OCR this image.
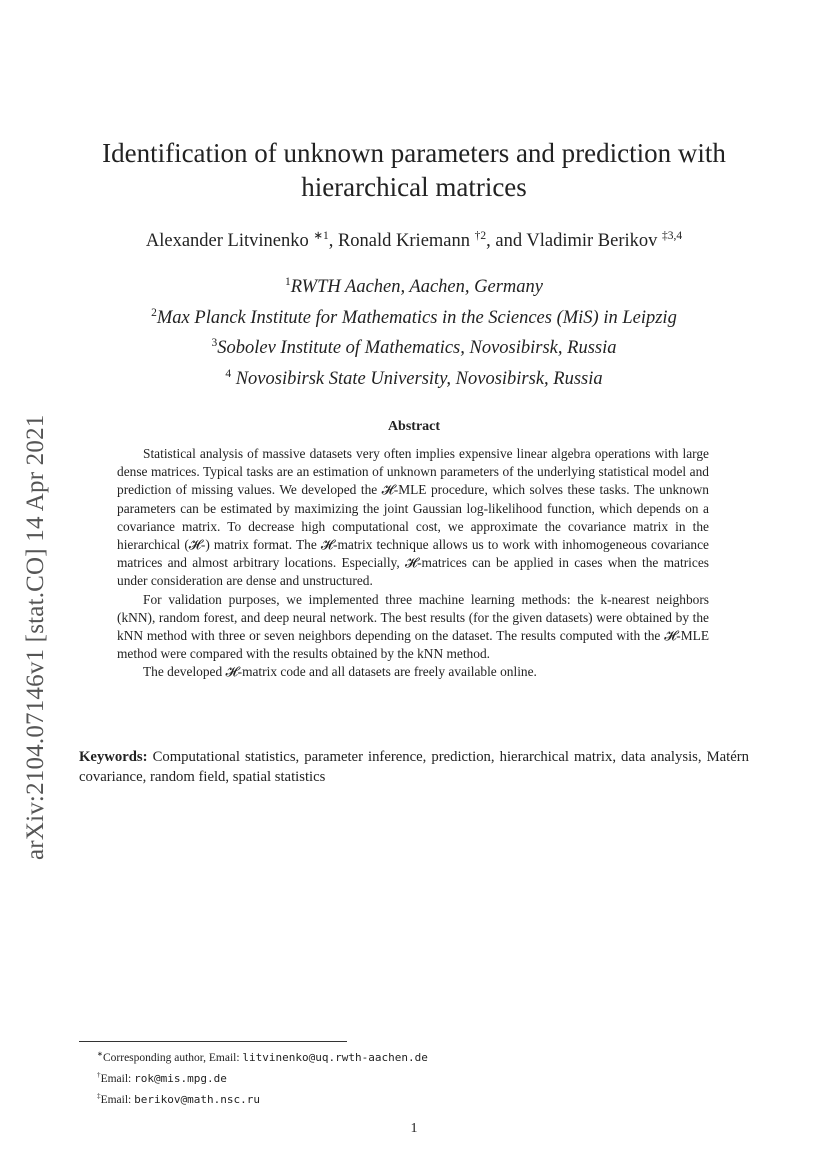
arXiv:2104.07146v1 [stat.CO] 14 Apr 2021
Identification of unknown parameters and prediction with hierarchical matrices
Alexander Litvinenko $^{∗1}$, Ronald Kriemann $^{\dagger 2}$, and Vladimir Berikov $^{\ddagger 3,4}$
$^1$RWTH Aachen, Aachen, Germany
$^2$Max Planck Institute for Mathematics in the Sciences (MiS) in Leipzig
$^3$Sobolev Institute of Mathematics, Novosibirsk, Russia
$^4$ Novosibirsk State University, Novosibirsk, Russia
Abstract

Statistical analysis of massive datasets very often implies expensive linear algebra operations with large dense matrices. Typical tasks are an estimation of unknown parameters of the underlying statistical model and prediction of missing values. We developed the 𝓗-MLE procedure, which solves these tasks. The unknown parameters can be estimated by maximizing the joint Gaussian log-likelihood function, which depends on a covariance matrix. To decrease high computational cost, we approximate the covariance matrix in the hierarchical (𝓗-) matrix format. The 𝓗-matrix technique allows us to work with inhomogeneous covariance matrices and almost arbitrary locations. Especially, 𝓗-matrices can be applied in cases when the matrices under consideration are dense and unstructured.

For validation purposes, we implemented three machine learning methods: the k-nearest neighbors (kNN), random forest, and deep neural network. The best results (for the given datasets) were obtained by the kNN method with three or seven neighbors depending on the dataset. The results computed with the 𝓗-MLE method were compared with the results obtained by the kNN method.

The developed 𝓗-matrix code and all datasets are freely available online.

Keywords: Computational statistics, parameter inference, prediction, hierarchical matrix, data analysis, Matérn covariance, random field, spatial statistics
∗Corresponding author, Email: litvinenko@uq.rwth-aachen.de
†Email: rok@mis.mpg.de
‡Email: berikov@math.nsc.ru
1
